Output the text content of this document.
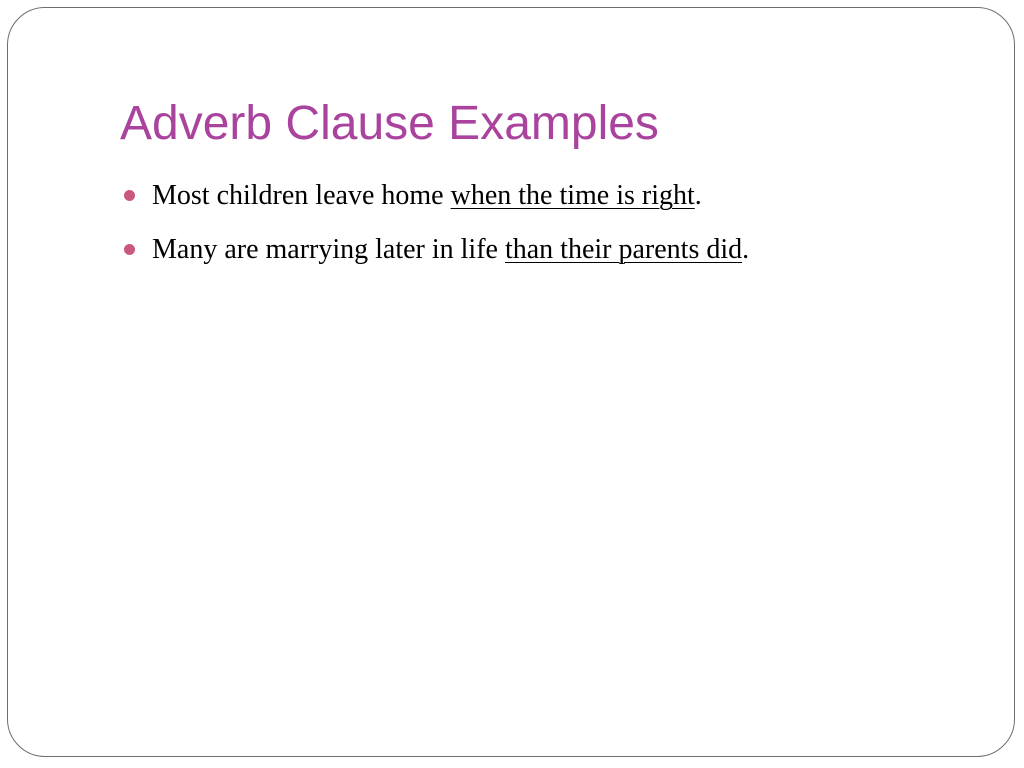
Adverb Clause Examples
Most children leave home when the time is right.
Many are marrying later in life than their parents did.
